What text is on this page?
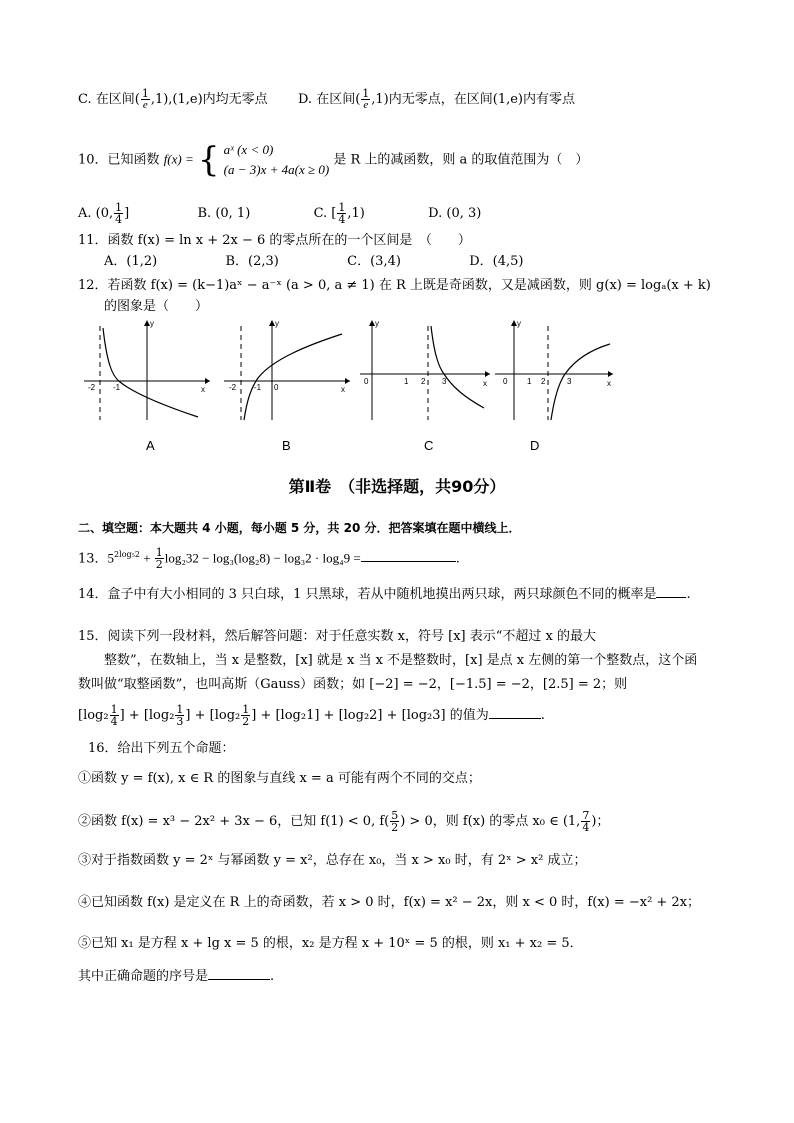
C. 在区间( $\frac{1}{e} ,1),(1,e)$内均无零点 D. 在区间( $\frac{1}{e} ,1$)内无零点，在区间(1,e)内有零点
10．已知函数 f(x) = { aˣ (x < 0)
(a − 3)x + 4a(x ≥ 0)
是 R 上的减函数，则 a 的取值范围为（　）
A. (0, $\frac{1}{4}$ ]	B. (0, 1)	C. [ $\frac{1}{4} ,1$)	D. (0, 3)
11．函数 f(x) = ln x + 2x − 6 的零点所在的一个区间是　（　　）
A．(1,2)	B．(2,3)	C．(3,4)	D．(4,5)
12．若函数 f(x) = (k−1)aˣ − a⁻ˣ (a > 0, a ≠ 1) 在 R 上既是奇函数，又是减函数，则 g(x) = logₐ(x + k)
的图象是（　　）
-2 -1	x
y
-2 -1 0	x
y
0	1 2 3	x
y
0 1 2	3	x
y
A	B	C	D
第Ⅱ卷　（非选择题，共90分）
二、填空题：本大题共 4 小题，每小题 5 分，共 20 分．把答案填在题中横线上．
13．$5^{2log_52} + \frac{1}{2} \log_232 - \log_3(\log_28) - \log_32 \cdot \log_49$ =	.
14．盒子中有大小相同的 3 只白球，1 只黑球，若从中随机地摸出两只球，两只球颜色不同的概率是 .
15．阅读下列一段材料，然后解答问题：对于任意实数 x，符号 [x] 表示“不超过 x 的最大
整数”，在数轴上，当 x 是整数，[x] 就是 x 当 x 不是整数时，[x] 是点 x 左侧的第一个整数点，这个函
数叫做“取整函数”，也叫高斯（Gauss）函数；如 [−2] = −2，[−1.5] = −2，[2.5] = 2；则
[$\log_2 \frac{1}{4}$ ] + [$\log_2 \frac{1}{3}$ ] + [$\log_2 \frac{1}{2}$ ] + [log₂1] + [log₂2] + [log₂3] 的值为	.
16．给出下列五个命题：
①函数 y = f(x), x ∈ R 的图象与直线 x = a 可能有两个不同的交点；
②函数 f(x) = x³ − 2x² + 3x − 6，已知 f(1) < 0, $f( \frac{5}{2}$ ) > 0，则 f(x) 的零点 x₀ ∈ (1, $\frac{7}{4}$ )；
③对于指数函数 y = 2ˣ 与幂函数 y = x²，总存在 x₀，当 x > x₀ 时，有 2ˣ > x² 成立；
④已知函数 f(x) 是定义在 R 上的奇函数，若 x > 0 时，f(x) = x² − 2x，则 x < 0 时，f(x) = −x² + 2x；
⑤已知 x₁ 是方程 x + lg x = 5 的根，x₂ 是方程 x + 10ˣ = 5 的根，则 x₁ + x₂ = 5．
其中正确命题的序号是	.
